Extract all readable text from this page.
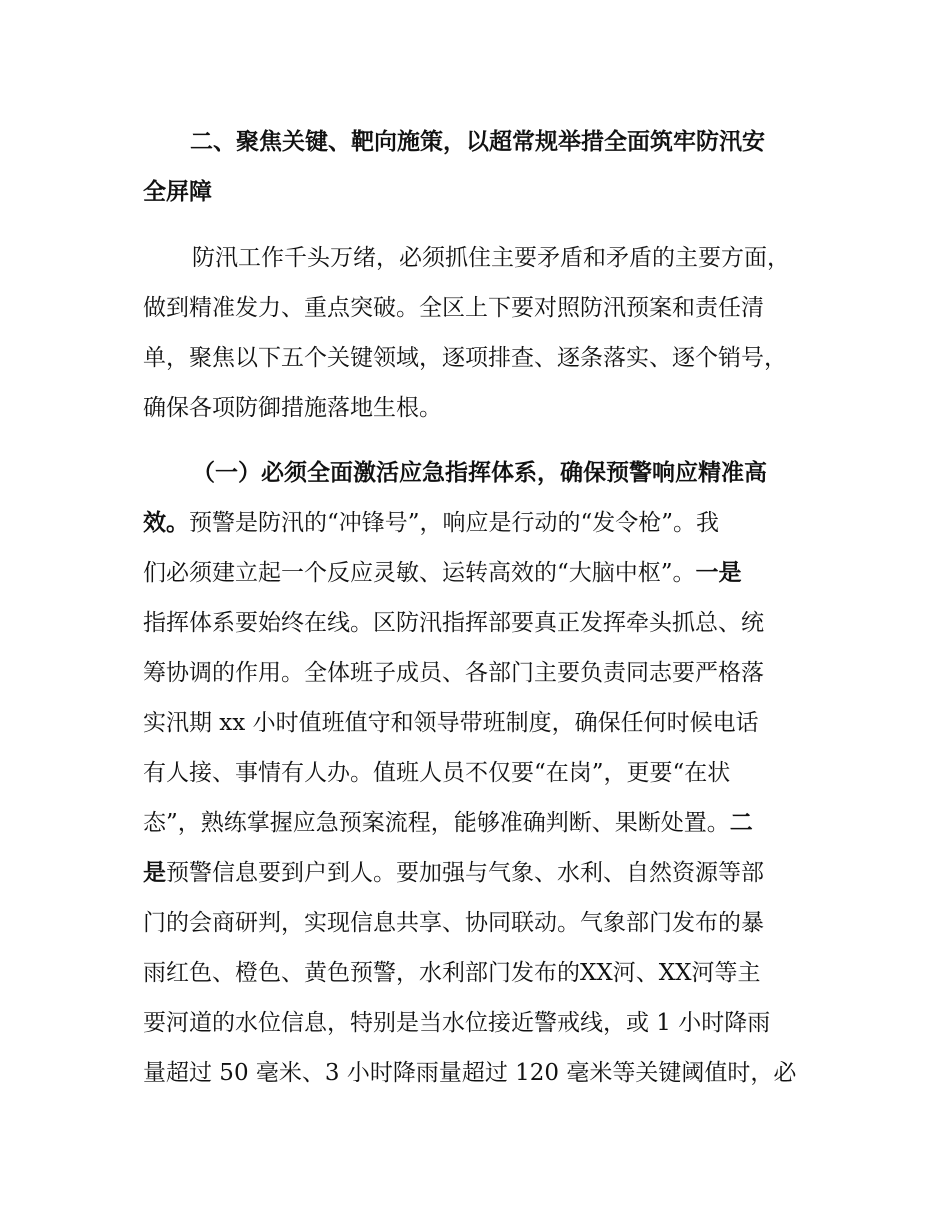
二、聚焦关键、靶向施策，以超常规举措全面筑牢防汛安
全屏障
防汛工作千头万绪，必须抓住主要矛盾和矛盾的主要方面，
做到精准发力、重点突破。全区上下要对照防汛预案和责任清
单，聚焦以下五个关键领域，逐项排查、逐条落实、逐个销号，
确保各项防御措施落地生根。
（一）必须全面激活应急指挥体系，确保预警响应精准高
效。预警是防汛的“冲锋号”，响应是行动的“发令枪”。我
们必须建立起一个反应灵敏、运转高效的“大脑中枢”。一是
指挥体系要始终在线。区防汛指挥部要真正发挥牵头抓总、统
筹协调的作用。全体班子成员、各部门主要负责同志要严格落
实汛期 xx 小时值班值守和领导带班制度，确保任何时候电话
有人接、事情有人办。值班人员不仅要“在岗”，更要“在状
态”，熟练掌握应急预案流程，能够准确判断、果断处置。二
是预警信息要到户到人。要加强与气象、水利、自然资源等部
门的会商研判，实现信息共享、协同联动。气象部门发布的暴
雨红色、橙色、黄色预警，水利部门发布的XX河、XX河等主
要河道的水位信息，特别是当水位接近警戒线，或 1 小时降雨
量超过 50 毫米、3 小时降雨量超过 120 毫米等关键阈值时，必
